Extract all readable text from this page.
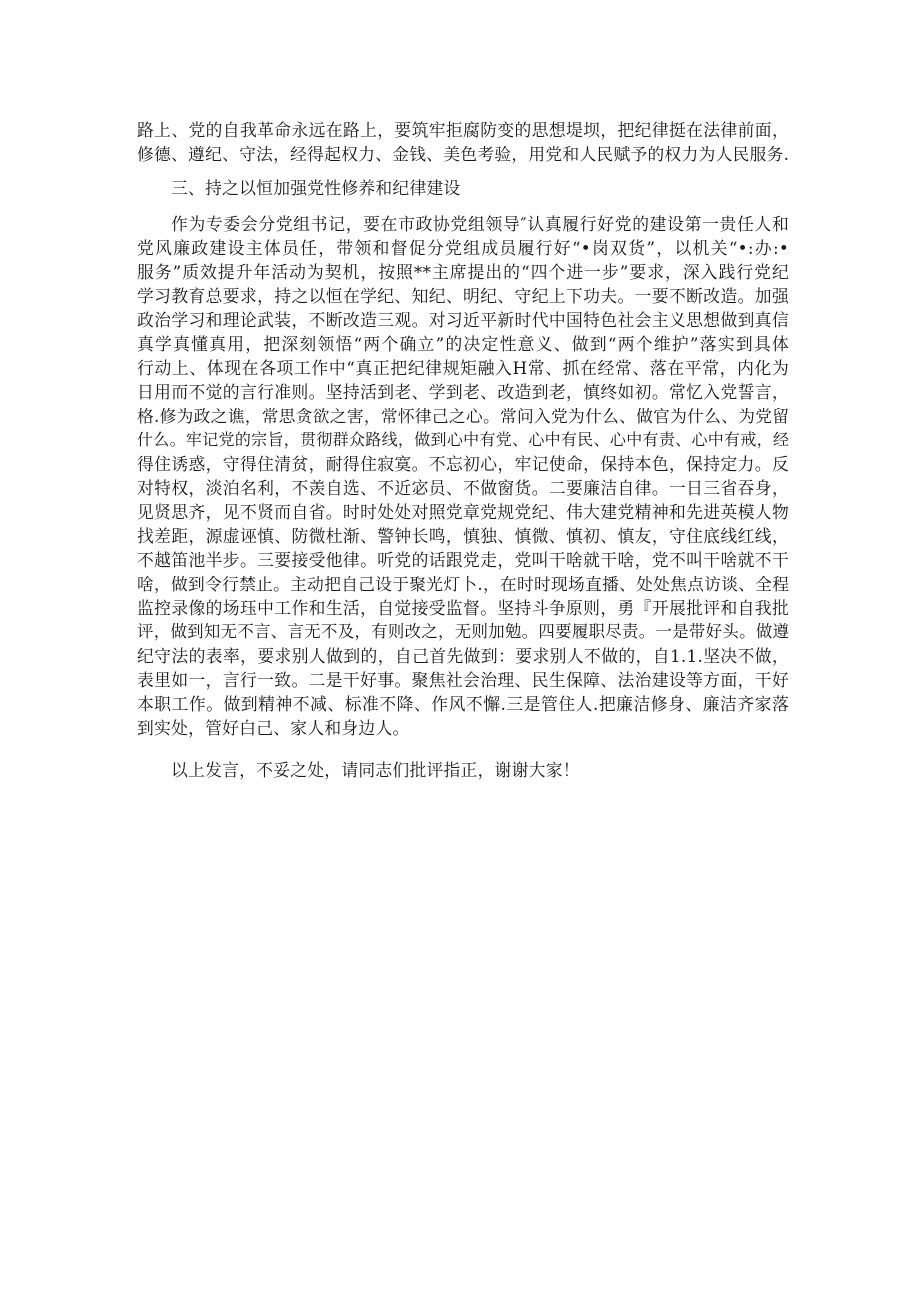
路上、党的自我革命永远在路上，要筑牢拒腐防变的思想堤坝，把纪律挺在法律前面，
修德、遵纪、守法，经得起权力、金钱、美色考验，用党和人民赋予的权力为人民服务.
三、持之以恒加强党性修养和纪律建设
作为专委会分党组书记，要在市政协党组领导″认真履行好党的建设第一贵任人和
党风廉政建设主体员任，带领和督促分党组成员履行好“•岗双货”，以机关“•:办:•
服务”质效提升年活动为契机，按照**主席提出的“四个进一步”要求，深入践行党纪
学习教育总要求，持之以恒在学纪、知纪、明纪、守纪上下功夫。一要不断改造。加强
政治学习和理论武装，不断改造三观。对习近平新时代中国特色社会主义思想做到真信
真学真懂真用，把深刻领悟“两个确立”的决定性意义、做到“两个维护”落实到具体
行动上、体现在各项工作中“真正把纪律规矩融入H常、抓在经常、落在平常，内化为
日用而不觉的言行准则。坚持活到老、学到老、改造到老，慎终如初。常忆入党誓言，
格.修为政之谯，常思贪欲之害，常怀律己之心。常问入党为什么、做官为什么、为党留
什么。牢记党的宗旨，贯彻群众路线，做到心中有党、心中有民、心中有责、心中有戒，经
得住诱惑，守得住清贫，耐得住寂寞。不忘初心，牢记使命，保持本色，保持定力。反
对特权，淡泊名利，不羡自选、不近宓员、不做窗货。二要廉洁自律。一日三省吞身，
见贤思齐，见不贤而自省。时时处处对照党章党规党纪、伟大建党精神和先进英模人物
找差距，源虚诬慎、防微杜渐、警钟长鸣，慎独、慎微、慎初、慎友，守住底线红线，
不越笛池半步。三要接受他律。听党的话跟党走，党叫干啥就干啥，党不叫干啥就不干
啥，做到令行禁止。主动把自己设于聚光灯卜.，在时时现场直播、处处焦点访谈、全程
监控录像的场珏中工作和生活，自觉接受监督。坚持斗争原则，勇『开展批评和自我批
评，做到知无不言、言无不及，有则改之，无则加勉。四要履职尽责。一是带好头。做遵
纪守法的表率，要求别人做到的，自己首先做到：要求别人不做的，自1.1.坚决不做，
表里如一，言行一致。二是干好事。聚焦社会治理、民生保障、法治建设等方面，干好
本职工作。做到精神不减、标准不降、作风不懈.三是管住人.把廉洁修身、廉洁齐家落
到实处，管好白己、家人和身边人。
以上发言，不妥之处，请同志们批评指正，谢谢大家！
